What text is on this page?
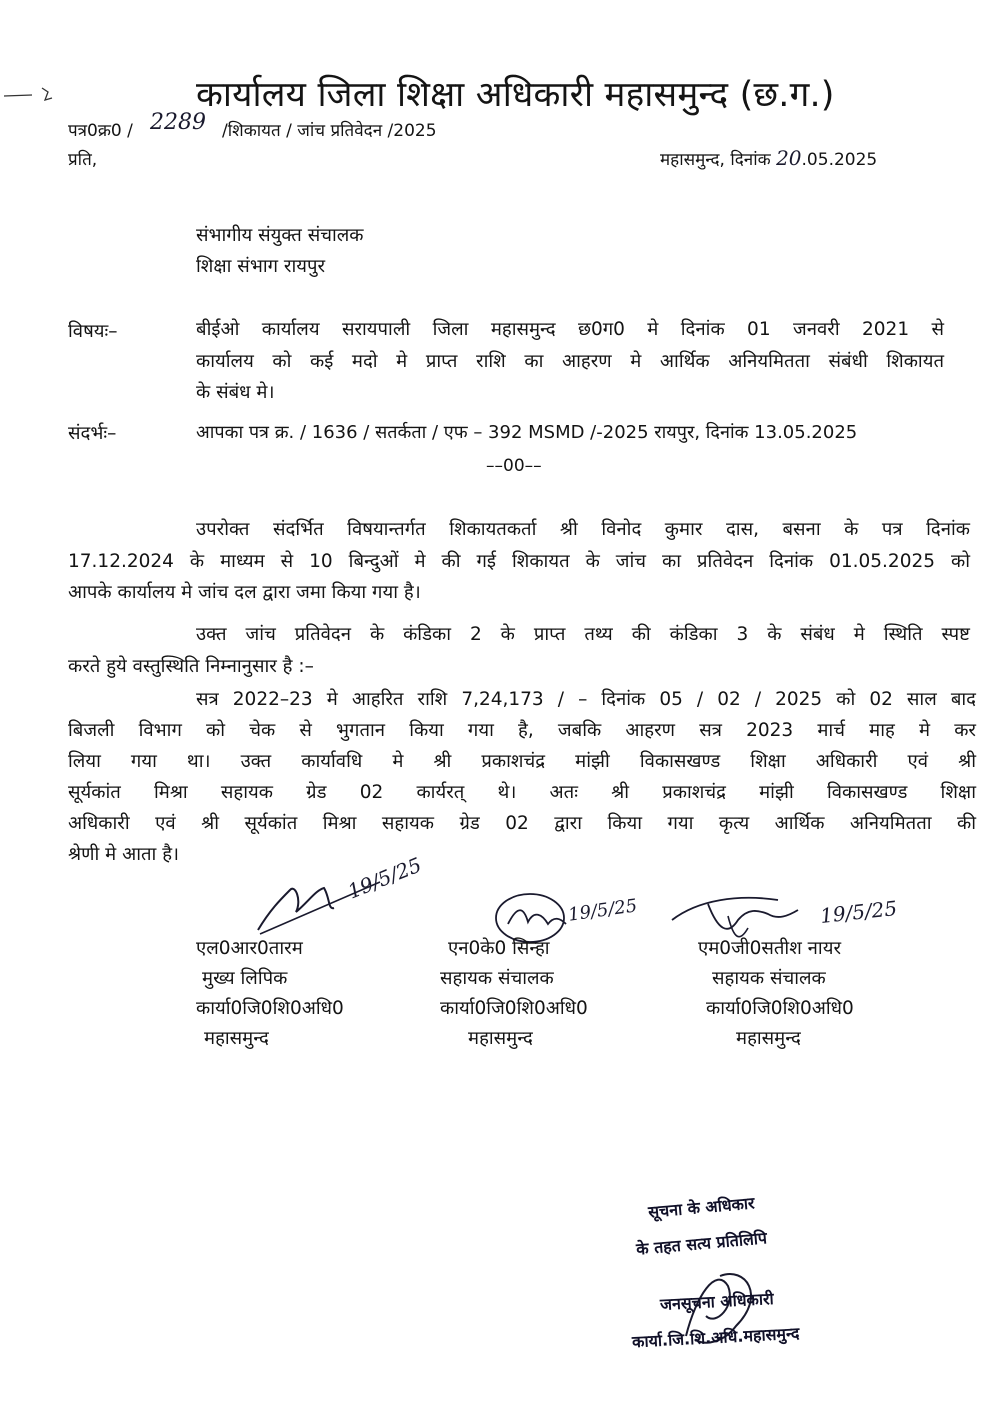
कार्यालय जिला शिक्षा अधिकारी महासमुन्द (छ.ग.)
पत्र0क्र0 / 2289 /शिकायत / जांच प्रतिवेदन /2025
प्रति,	महासमुन्द, दिनांक 20.05.2025
संभागीय संयुक्त संचालक
शिक्षा संभाग रायपुर
विषयः–	बीईओ कार्यालय सरायपाली जिला महासमुन्द छ0ग0 मे दिनांक 01 जनवरी 2021 से
कार्यालय को कई मदो मे प्राप्त राशि का आहरण मे आर्थिक अनियमितता संबंधी शिकायत
के संबंध मे।
संदर्भः–	आपका पत्र क्र. / 1636 / सतर्कता / एफ – 392 MSMD /-2025 रायपुर, दिनांक 13.05.2025
––00––
उपरोक्त संदर्भित विषयान्तर्गत शिकायतकर्ता श्री विनोद कुमार दास, बसना के पत्र दिनांक
17.12.2024 के माध्यम से 10 बिन्दुओं मे की गई शिकायत के जांच का प्रतिवेदन दिनांक 01.05.2025 को
आपके कार्यालय मे जांच दल द्वारा जमा किया गया है।
उक्त जांच प्रतिवेदन के कंडिका 2 के प्राप्त तथ्य की कंडिका 3 के संबंध मे स्थिति स्पष्ट
करते हुये वस्तुस्थिति निम्नानुसार है :–
सत्र 2022–23 मे आहरित राशि 7,24,173 / – दिनांक 05 / 02 / 2025 को 02 साल बाद
बिजली विभाग को चेक से भुगतान किया गया है, जबकि आहरण सत्र 2023 मार्च माह मे कर
लिया गया था। उक्त कार्यावधि मे श्री प्रकाशचंद्र मांझी विकासखण्ड शिक्षा अधिकारी एवं श्री
सूर्यकांत मिश्रा सहायक ग्रेड 02 कार्यरत् थे। अतः श्री प्रकाशचंद्र मांझी विकासखण्ड शिक्षा
अधिकारी एवं श्री सूर्यकांत मिश्रा सहायक ग्रेड 02 द्वारा किया गया कृत्य आर्थिक अनियमितता की
श्रेणी मे आता है।	19/5/25
19/5/25	19/5/25
एल0आर0तारम
मुख्य लिपिक
कार्या0जि0शि0अधि0
महासमुन्द
एन0के0 सिन्हा
सहायक संचालक
कार्या0जि0शि0अधि0
महासमुन्द
एम0जी0सतीश नायर
सहायक संचालक
कार्या0जि0शि0अधि0
महासमुन्द
सूचना के अधिकार
के तहत सत्य प्रतिलिपि
जनसूचना अधिकारी
कार्या.जि.शि.अधि.महासमुन्द
